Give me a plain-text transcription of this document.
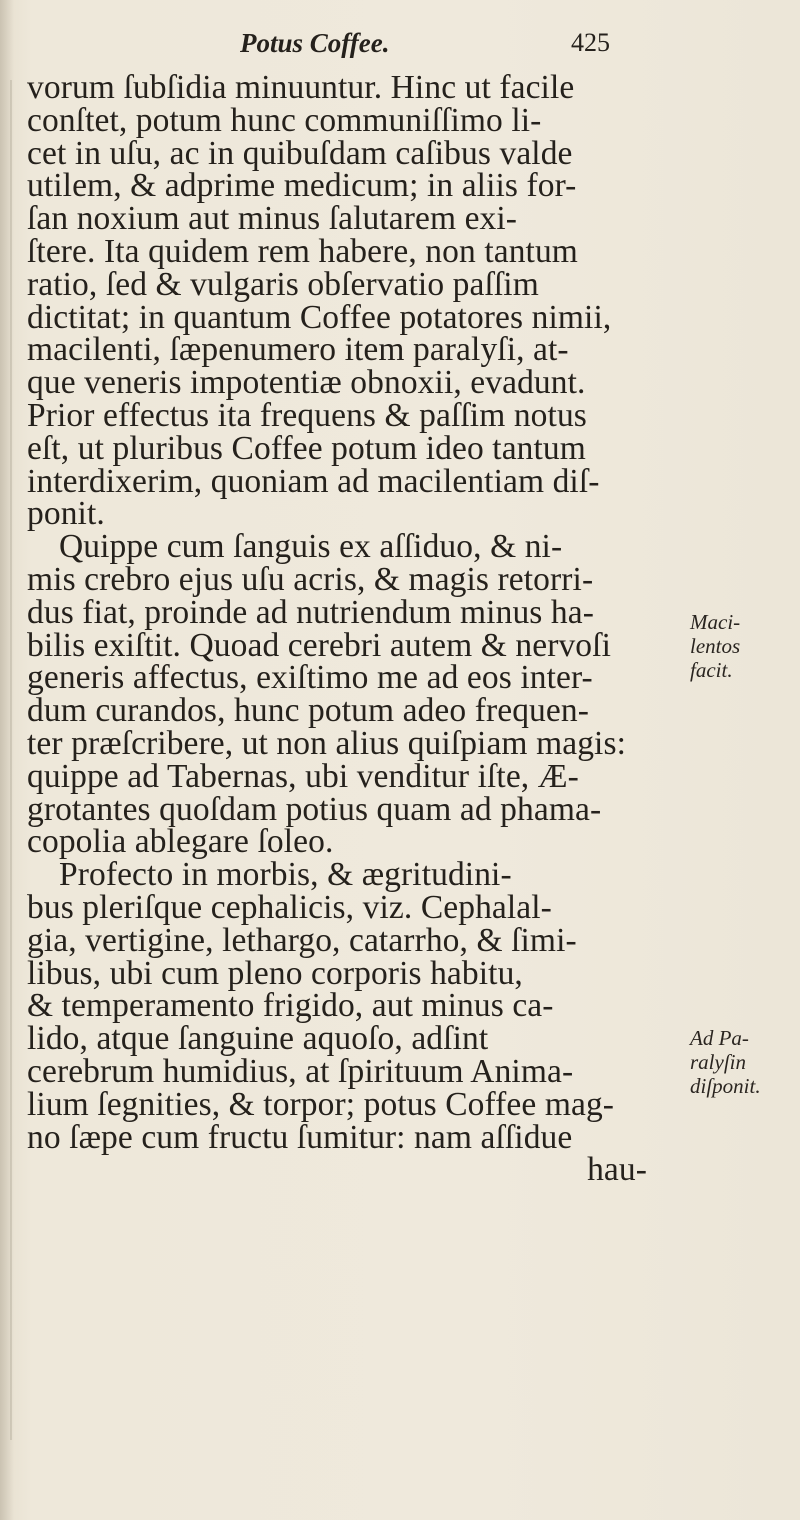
Potus Coffee.	425
vorum ſubſidia minuuntur. Hinc ut facile
conſtet, potum hunc communiſſimo li-
cet in uſu, ac in quibuſdam caſibus valde
utilem, & adprime medicum; in aliis for-
ſan noxium aut minus ſalutarem exi-
ſtere. Ita quidem rem habere, non tantum
ratio, ſed & vulgaris obſervatio paſſim
dictitat; in quantum Coffee potatores nimii,
macilenti, ſæpenumero item paralyſi, at-
que veneris impotentiæ obnoxii, evadunt.
Prior effectus ita frequens & paſſim notus
eſt, ut pluribus Coffee potum ideo tantum
interdixerim, quoniam ad macilentiam diſ-
ponit.
Quippe cum ſanguis ex aſſiduo, & ni-
mis crebro ejus uſu acris, & magis retorri-
dus fiat, proinde ad nutriendum minus ha-
bilis exiſtit. Quoad cerebri autem & nervoſi
generis affectus, exiſtimo me ad eos inter-
dum curandos, hunc potum adeo frequen-
ter præſcribere, ut non alius quiſpiam magis:
quippe ad Tabernas, ubi venditur iſte, Æ-
grotantes quoſdam potius quam ad phama-
copolia ablegare ſoleo.
Profecto in morbis, & ægritudini-
bus pleriſque cephalicis, viz. Cephalal-
gia, vertigine, lethargo, catarrho, & ſimi-
libus, ubi cum pleno corporis habitu,
& temperamento frigido, aut minus ca-
lido, atque ſanguine aquoſo, adſint
cerebrum humidius, at ſpirituum Anima-
lium ſegnities, & torpor; potus Coffee mag-
no ſæpe cum fructu ſumitur: nam aſſidue
hau-
Maci-
lentos
facit.
Ad Pa-
ralyſin
diſponit.
